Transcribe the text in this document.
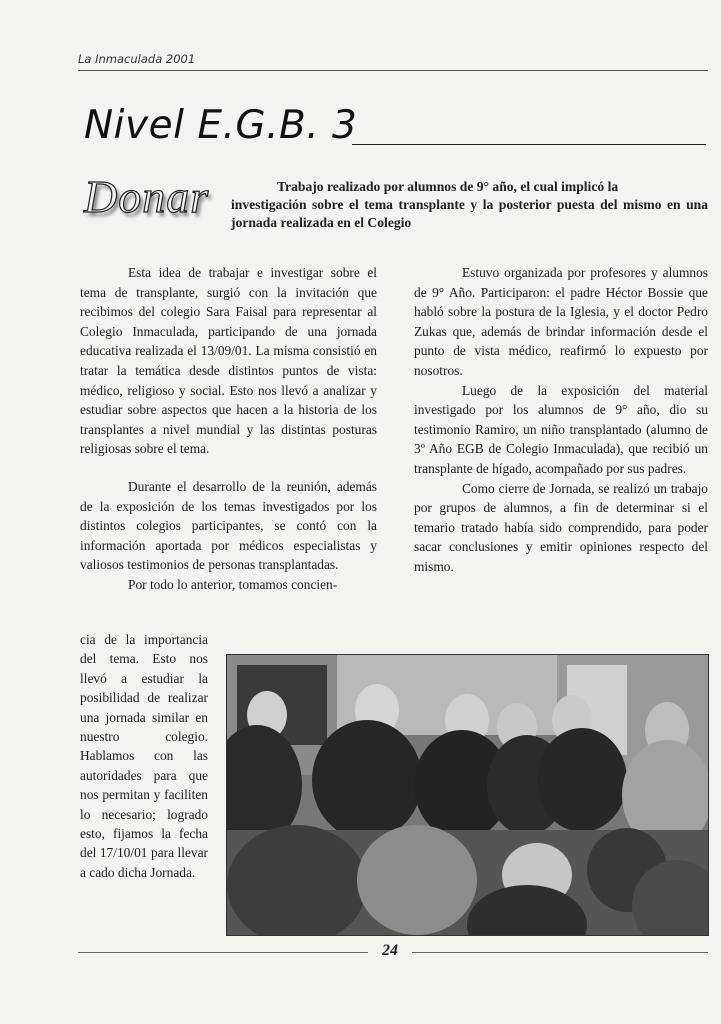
La Inmaculada 2001
Nivel E.G.B. 3
Donar	Trabajo realizado por alumnos de 9° año, el cual implicó la
investigación sobre el tema transplante y la posterior puesta del mismo en una jornada realizada en el Colegio

Esta idea de trabajar e investigar sobre el tema de transplante, surgió con la invitación que recibimos del colegio Sara Faisal para representar al Colegio Inmaculada, participando de una jornada educativa realizada el 13/09/01. La misma consistió en tratar la temática desde distintos puntos de vista: médico, religioso y social. Esto nos llevó a analizar y estudiar sobre aspectos que hacen a la historia de los transplantes a nivel mundial y las distintas posturas religiosas sobre el tema.

Durante el desarrollo de la reunión, además de la exposición de los temas investigados por los distintos colegios participantes, se contó con la información aportada por médicos especialistas y valiosos testimonios de personas transplantadas.

Por todo lo anterior, tomamos concien-

cia de la importancia del tema. Esto nos llevó a estudiar la posibilidad de realizar una jornada similar en nuestro colegio. Hablamos con las autoridades para que nos permitan y faciliten lo necesario; logrado esto, fijamos la fecha del 17/10/01 para llevar a cado dicha Jornada.

Estuvo organizada por profesores y alumnos de 9° Año. Participaron: el padre Héctor Bossie que habló sobre la postura de la Iglesia, y el doctor Pedro Zukas que, además de brindar información desde el punto de vista médico, reafirmó lo expuesto por nosotros.

Luego de la exposición del material investigado por los alumnos de 9° año, dio su testimonio Ramiro, un niño transplantado (alumno de 3º Año EGB de Colegio Inmaculada), que recibió un transplante de hígado, acompañado por sus padres.

Como cierre de Jornada, se realizó un trabajo por grupos de alumnos, a fin de determinar si el temario tratado había sido comprendido, para poder sacar conclusiones y emitir opiniones respecto del mismo.

24
